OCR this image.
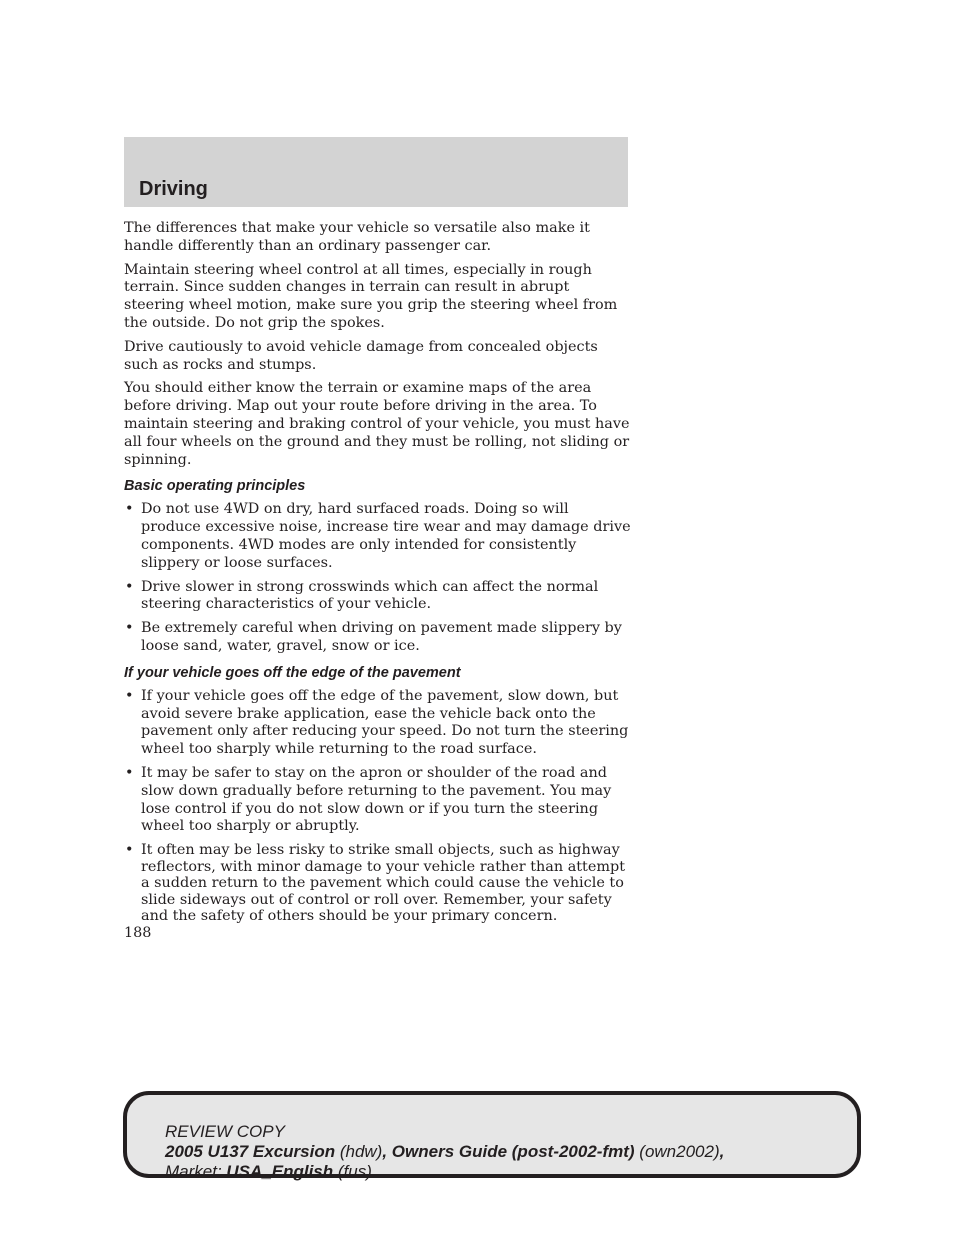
Driving

The differences that make your vehicle so versatile also make it handle differently than an ordinary passenger car.

Maintain steering wheel control at all times, especially in rough terrain. Since sudden changes in terrain can result in abrupt steering wheel motion, make sure you grip the steering wheel from the outside. Do not grip the spokes.

Drive cautiously to avoid vehicle damage from concealed objects such as rocks and stumps.

You should either know the terrain or examine maps of the area before driving. Map out your route before driving in the area. To maintain steering and braking control of your vehicle, you must have all four wheels on the ground and they must be rolling, not sliding or spinning.

Basic operating principles
• Do not use 4WD on dry, hard surfaced roads. Doing so will produce excessive noise, increase tire wear and may damage drive components. 4WD modes are only intended for consistently slippery or loose surfaces.
• Drive slower in strong crosswinds which can affect the normal steering characteristics of your vehicle.
• Be extremely careful when driving on pavement made slippery by loose sand, water, gravel, snow or ice.
If your vehicle goes off the edge of the pavement
• If your vehicle goes off the edge of the pavement, slow down, but avoid severe brake application, ease the vehicle back onto the pavement only after reducing your speed. Do not turn the steering wheel too sharply while returning to the road surface.
• It may be safer to stay on the apron or shoulder of the road and slow down gradually before returning to the pavement. You may lose control if you do not slow down or if you turn the steering wheel too sharply or abruptly.
• It often may be less risky to strike small objects, such as highway reflectors, with minor damage to your vehicle rather than attempt a sudden return to the pavement which could cause the vehicle to slide sideways out of control or roll over. Remember, your safety and the safety of others should be your primary concern.
188
REVIEW COPY
2005 U137 Excursion (hdw), Owners Guide (post-2002-fmt) (own2002),
Market: USA_English (fus)
